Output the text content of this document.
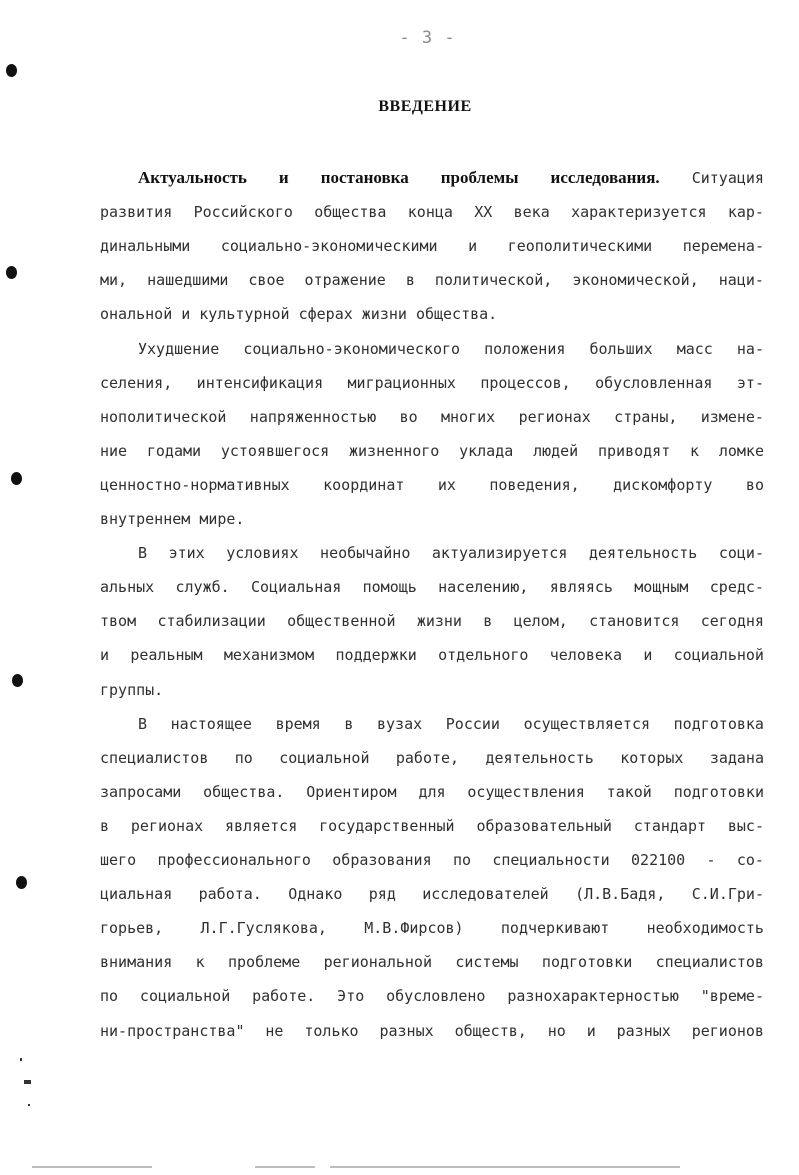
- 3 -
ВВЕДЕНИЕ
Актуальность и постановка проблемы исследования. Ситуация
развития Российского общества конца XX века характеризуется кар-
динальными социально-экономическими и геополитическими перемена-
ми, нашедшими свое отражение в политической, экономической, наци-
ональной и культурной сферах жизни общества.
Ухудшение социально-экономического положения больших масс на-
селения, интенсификация миграционных процессов, обусловленная эт-
нополитической напряженностью во многих регионах страны, измене-
ние годами устоявшегося жизненного уклада людей приводят к ломке
ценностно-нормативных координат их поведения, дискомфорту во
внутреннем мире.
В этих условиях необычайно актуализируется деятельность соци-
альных служб. Социальная помощь населению, являясь мощным средс-
твом стабилизации общественной жизни в целом, становится сегодня
и реальным механизмом поддержки отдельного человека и социальной
группы.
В настоящее время в вузах России осуществляется подготовка
специалистов по социальной работе, деятельность которых задана
запросами общества. Ориентиром для осуществления такой подготовки
в регионах является государственный образовательный стандарт выс-
шего профессионального образования по специальности 022100 - со-
циальная работа. Однако ряд исследователей (Л.В.Бадя, С.И.Гри-
горьев, Л.Г.Гуслякова, М.В.Фирсов) подчеркивают необходимость
внимания к проблеме региональной системы подготовки специалистов
по социальной работе. Это обусловлено разнохарактерностью "време-
ни-пространства" не только разных обществ, но и разных регионов
